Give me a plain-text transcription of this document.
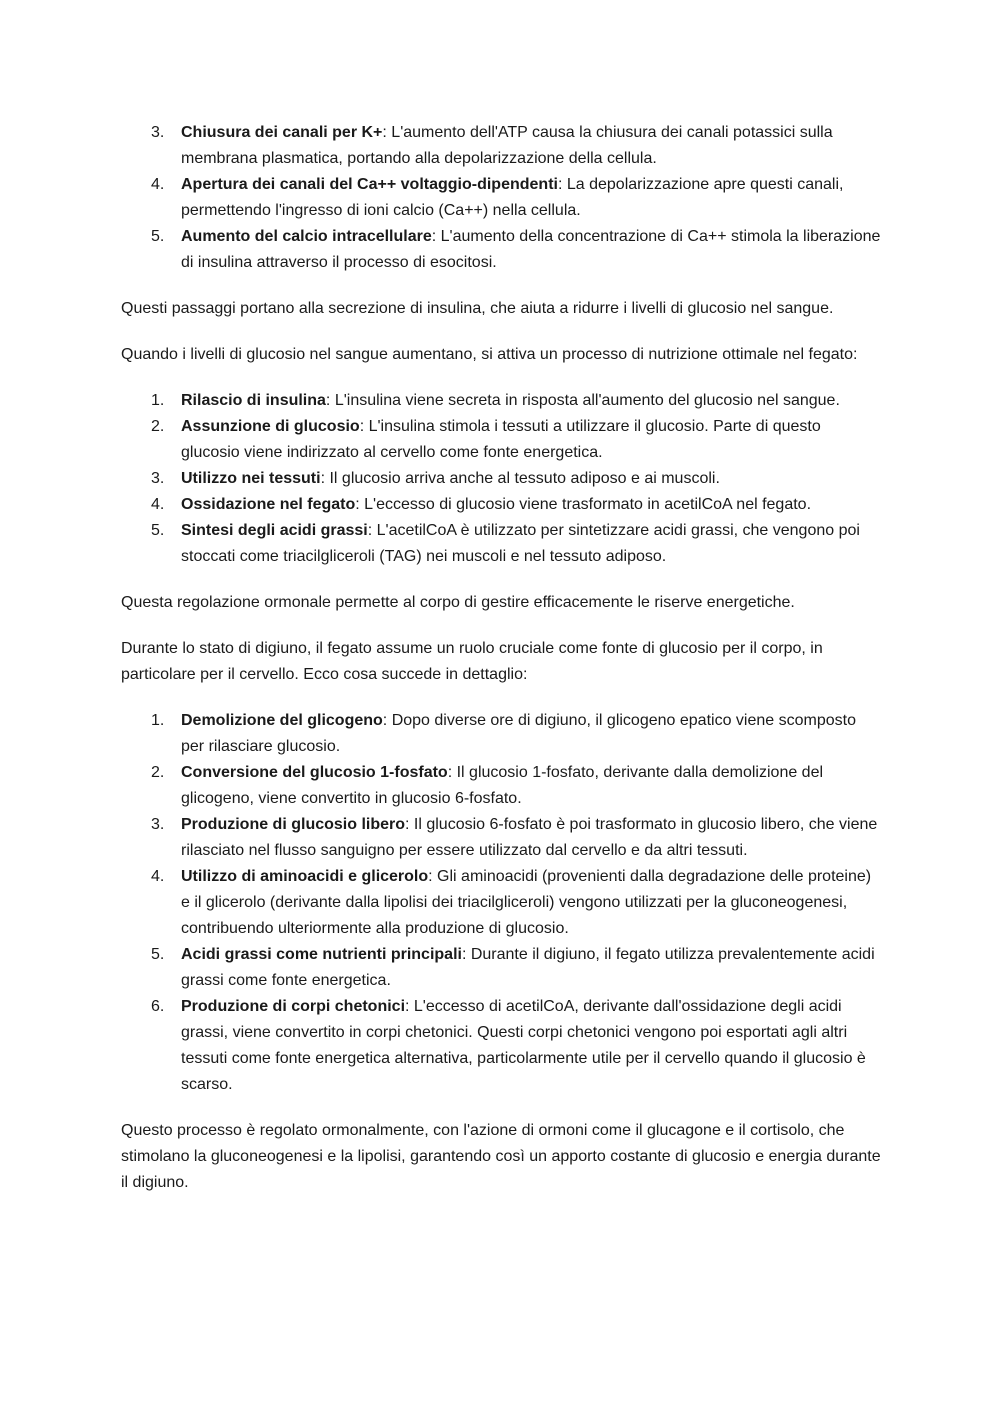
3. Chiusura dei canali per K+: L'aumento dell'ATP causa la chiusura dei canali potassici sulla membrana plasmatica, portando alla depolarizzazione della cellula.
4. Apertura dei canali del Ca++ voltaggio-dipendenti: La depolarizzazione apre questi canali, permettendo l'ingresso di ioni calcio (Ca++) nella cellula.
5. Aumento del calcio intracellulare: L'aumento della concentrazione di Ca++ stimola la liberazione di insulina attraverso il processo di esocitosi.

Questi passaggi portano alla secrezione di insulina, che aiuta a ridurre i livelli di glucosio nel sangue.

Quando i livelli di glucosio nel sangue aumentano, si attiva un processo di nutrizione ottimale nel fegato:

1. Rilascio di insulina: L'insulina viene secreta in risposta all'aumento del glucosio nel sangue.
2. Assunzione di glucosio: L'insulina stimola i tessuti a utilizzare il glucosio. Parte di questo glucosio viene indirizzato al cervello come fonte energetica.
3. Utilizzo nei tessuti: Il glucosio arriva anche al tessuto adiposo e ai muscoli.
4. Ossidazione nel fegato: L'eccesso di glucosio viene trasformato in acetilCoA nel fegato.
5. Sintesi degli acidi grassi: L'acetilCoA è utilizzato per sintetizzare acidi grassi, che vengono poi stoccati come triacilgliceroli (TAG) nei muscoli e nel tessuto adiposo.

Questa regolazione ormonale permette al corpo di gestire efficacemente le riserve energetiche.

Durante lo stato di digiuno, il fegato assume un ruolo cruciale come fonte di glucosio per il corpo, in particolare per il cervello. Ecco cosa succede in dettaglio:

1. Demolizione del glicogeno: Dopo diverse ore di digiuno, il glicogeno epatico viene scomposto per rilasciare glucosio.
2. Conversione del glucosio 1-fosfato: Il glucosio 1-fosfato, derivante dalla demolizione del glicogeno, viene convertito in glucosio 6-fosfato.
3. Produzione di glucosio libero: Il glucosio 6-fosfato è poi trasformato in glucosio libero, che viene rilasciato nel flusso sanguigno per essere utilizzato dal cervello e da altri tessuti.
4. Utilizzo di aminoacidi e glicerolo: Gli aminoacidi (provenienti dalla degradazione delle proteine) e il glicerolo (derivante dalla lipolisi dei triacilgliceroli) vengono utilizzati per la gluconeogenesi, contribuendo ulteriormente alla produzione di glucosio.
5. Acidi grassi come nutrienti principali: Durante il digiuno, il fegato utilizza prevalentemente acidi grassi come fonte energetica.
6. Produzione di corpi chetonici: L'eccesso di acetilCoA, derivante dall'ossidazione degli acidi grassi, viene convertito in corpi chetonici. Questi corpi chetonici vengono poi esportati agli altri tessuti come fonte energetica alternativa, particolarmente utile per il cervello quando il glucosio è scarso.

Questo processo è regolato ormonalmente, con l'azione di ormoni come il glucagone e il cortisolo, che stimolano la gluconeogenesi e la lipolisi, garantendo così un apporto costante di glucosio e energia durante il digiuno.
